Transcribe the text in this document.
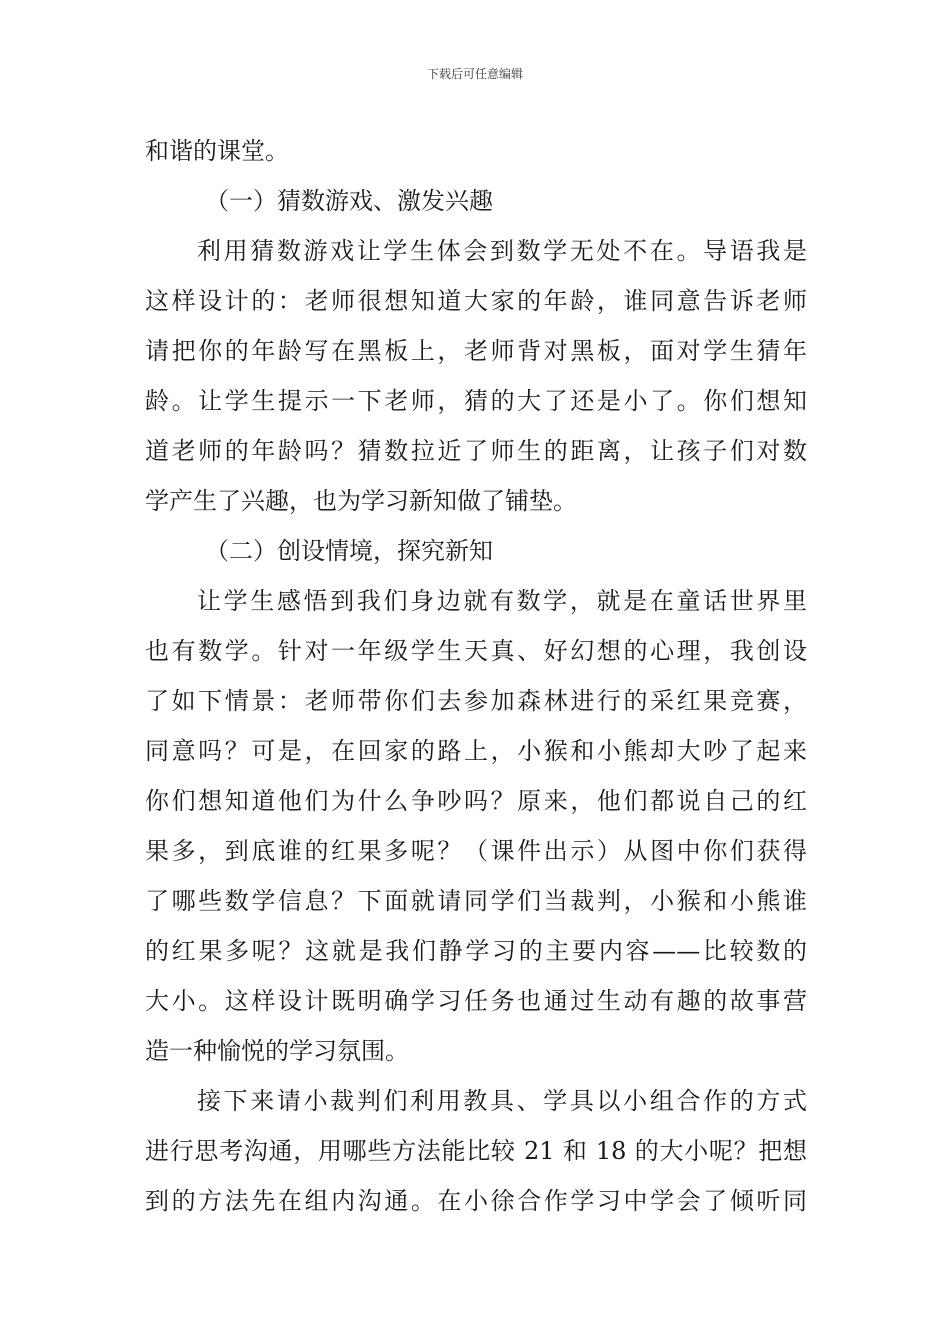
下载后可任意编辑
和谐的课堂。
（一）猜数游戏、激发兴趣
利用猜数游戏让学生体会到数学无处不在。导语我是
这样设计的：老师很想知道大家的年龄，谁同意告诉老师
请把你的年龄写在黑板上，老师背对黑板，面对学生猜年
龄。让学生提示一下老师，猜的大了还是小了。你们想知
道老师的年龄吗？猜数拉近了师生的距离，让孩子们对数
学产生了兴趣，也为学习新知做了铺垫。
（二）创设情境，探究新知
让学生感悟到我们身边就有数学，就是在童话世界里
也有数学。针对一年级学生天真、好幻想的心理，我创设
了如下情景：老师带你们去参加森林进行的采红果竞赛，
同意吗？可是，在回家的路上，小猴和小熊却大吵了起来
你们想知道他们为什么争吵吗？原来，他们都说自己的红
果多，到底谁的红果多呢？（课件出示）从图中你们获得
了哪些数学信息？下面就请同学们当裁判，小猴和小熊谁
的红果多呢？这就是我们静学习的主要内容——比较数的
大小。这样设计既明确学习任务也通过生动有趣的故事营
造一种愉悦的学习氛围。
接下来请小裁判们利用教具、学具以小组合作的方式
进行思考沟通，用哪些方法能比较 21 和 18 的大小呢？把想
到的方法先在组内沟通。在小徐合作学习中学会了倾听同
